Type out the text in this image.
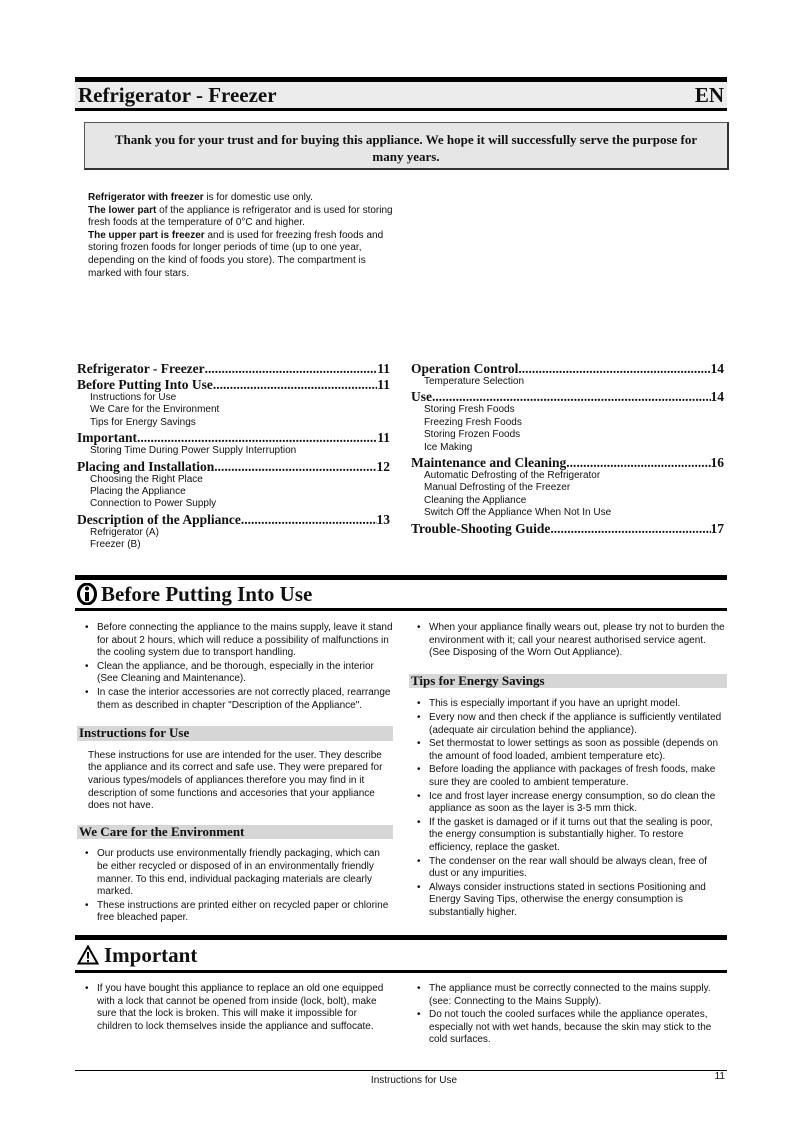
Refrigerator - Freezer	EN
Thank you for your trust and for buying this appliance. We hope it will successfully serve the purpose for many years.

Refrigerator with freezer is for domestic use only.

The lower part of the appliance is refrigerator and is used for storing fresh foods at the temperature of 0°C and higher.

The upper part is freezer and is used for freezing fresh foods and storing frozen foods for longer periods of time (up to one year, depending on the kind of foods you store). The compartment is marked with four stars.

Refrigerator - Freezer .....	11
Before Putting Into Use .....	11
Instructions for Use
We Care for the Environment
Tips for Energy Savings
Important .....	11
Storing Time During Power Supply Interruption
Placing and Installation .....	12
Choosing the Right Place
Placing the Appliance
Connection to Power Supply
Description of the Appliance .....	13
Refrigerator (A)
Freezer (B)
Operation Control .....	14
Temperature Selection
Use .....	14
Storing Fresh Foods
Freezing Fresh Foods
Storing Frozen Foods
Ice Making
Maintenance and Cleaning .....	16
Automatic Defrosting of the Refrigerator
Manual Defrosting of the Freezer
Cleaning the Appliance
Switch Off the Appliance When Not In Use
Trouble-Shooting Guide .....	17
Before Putting Into Use
• Before connecting the appliance to the mains supply, leave it stand for about 2 hours, which will reduce a possibility of malfunctions in the cooling system due to transport handling.
• Clean the appliance, and be thorough, especially in the interior (See Cleaning and Maintenance).
• In case the interior accessories are not correctly placed, rearrange them as described in chapter "Description of the Appliance".
Instructions for Use
These instructions for use are intended for the user. They describe the appliance and its correct and safe use. They were prepared for various types/models of appliances therefore you may find in it description of some functions and accesories that your appliance does not have.
We Care for the Environment
• Our products use environmentally friendly packaging, which can be either recycled or disposed of in an environmentally friendly manner. To this end, individual packaging materials are clearly marked.
• These instructions are printed either on recycled paper or chlorine free bleached paper.
• When your appliance finally wears out, please try not to burden the environment with it; call your nearest authorised service agent. (See Disposing of the Worn Out Appliance).
Tips for Energy Savings
• This is especially important if you have an upright model.
• Every now and then check if the appliance is sufficiently ventilated (adequate air circulation behind the appliance).
• Set thermostat to lower settings as soon as possible (depends on the amount of food loaded, ambient temperature etc).
• Before loading the appliance with packages of fresh foods, make sure they are cooled to ambient temperature.
• Ice and frost layer increase energy consumption, so do clean the appliance as soon as the layer is 3-5 mm thick.
• If the gasket is damaged or if it turns out that the sealing is poor, the energy consumption is substantially higher. To restore efficiency, replace the gasket.
• The condenser on the rear wall should be always clean, free of dust or any impurities.
• Always consider instructions stated in sections Positioning and Energy Saving Tips, otherwise the energy consumption is substantially higher.
Important
• If you have bought this appliance to replace an old one equipped with a lock that cannot be opened from inside (lock, bolt), make sure that the lock is broken. This will make it impossible for children to lock themselves inside the appliance and suffocate.
• The appliance must be correctly connected to the mains supply. (see: Connecting to the Mains Supply).
• Do not touch the cooled surfaces while the appliance operates, especially not with wet hands, because the skin may stick to the cold surfaces.
Instructions for Use	11
